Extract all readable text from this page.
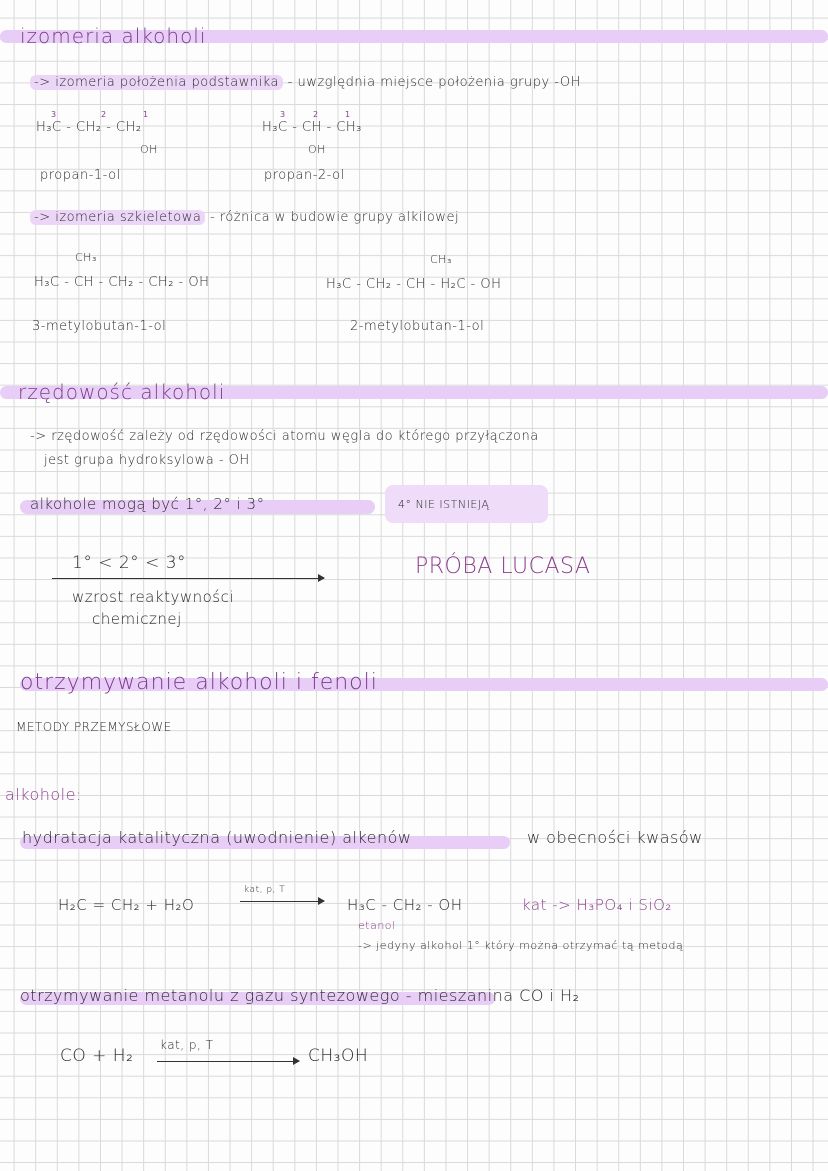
izomeria alkoholi
-> izomeria położenia podstawnika - uwzględnia miejsce położenia grupy -OH
3	2	1
H₃C - CH₂ - CH₂
OH
propan-1-ol
3	2	1
H₃C - CH - CH₃
OH
propan-2-ol
-> izomeria szkieletowa - różnica w budowie grupy alkilowej
CH₃
H₃C - CH - CH₂ - CH₂ - OH
3-metylobutan-1-ol
CH₃
H₃C - CH₂ - CH - H₂C - OH
2-metylobutan-1-ol
rzędowość alkoholi
-> rzędowość zależy od rzędowości atomu węgla do którego przyłączona
jest grupa hydroksylowa - OH
alkohole mogą być 1°, 2° i 3°	4° NIE ISTNIEJĄ
1° < 2° < 3°
wzrost reaktywności
chemicznej
PRÓBA LUCASA
otrzymywanie alkoholi i fenoli
METODY PRZEMYSŁOWE
alkohole:
hydratacja katalityczna (uwodnienie) alkenów	w obecności kwasów
H₂C = CH₂ + H₂O
kat, p, T
H₃C - CH₂ - OH	kat -> H₃PO₄ i SiO₂
etanol
-> jedyny alkohol 1° który można otrzymać tą metodą
otrzymywanie metanolu z gazu syntezowego - mieszanina CO i H₂
CO + H₂
kat, p, T
CH₃OH
